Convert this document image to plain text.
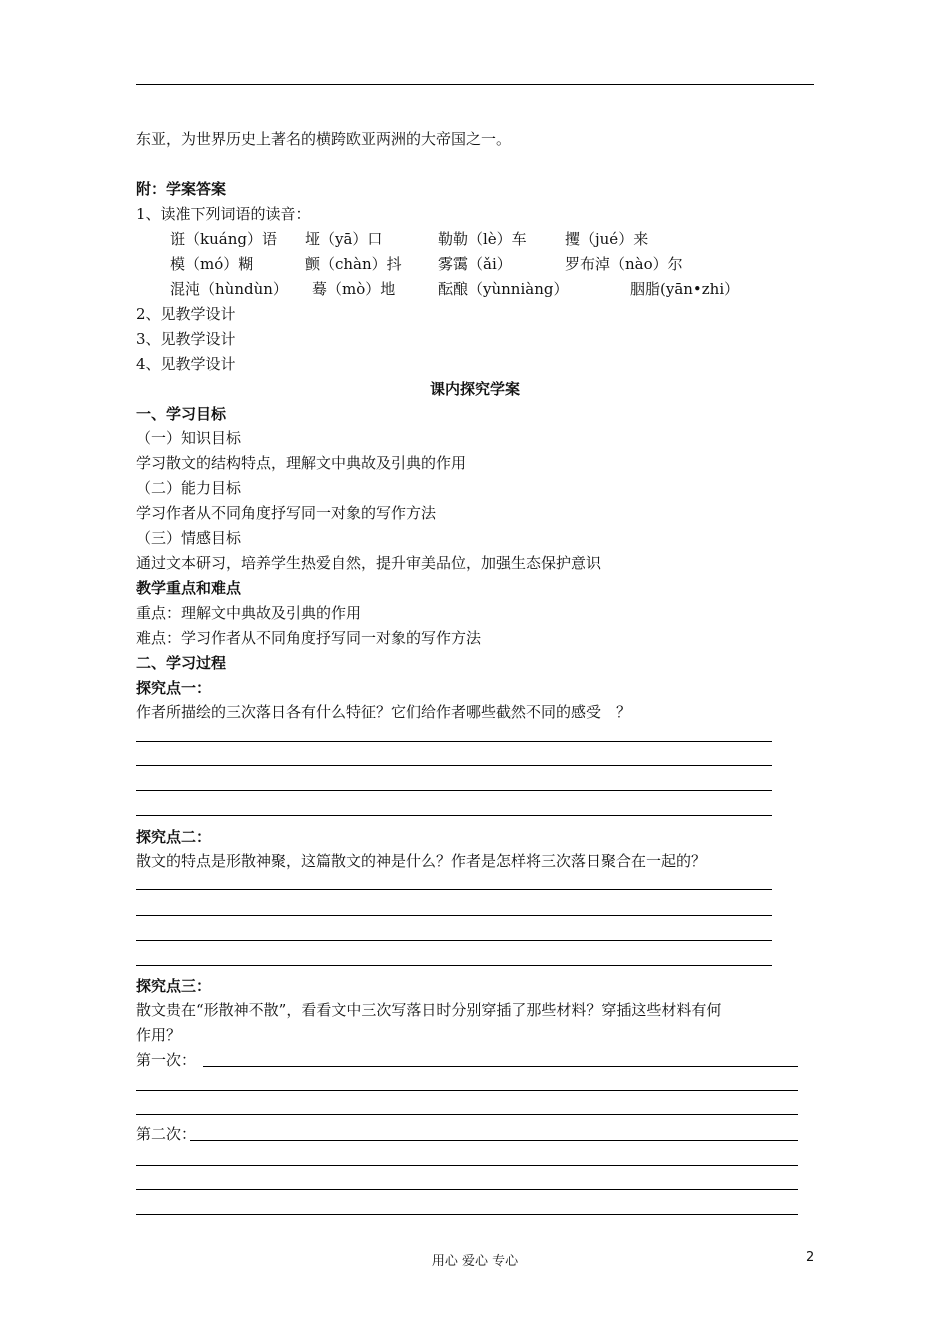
东亚，为世界历史上著名的横跨欧亚两洲的大帝国之一。
附：学案答案
1、读准下列词语的读音：
诳（kuáng）语 垭（yā）口	勒勒（lè）车	攫（jué）来
模（mó）糊	颤（chàn）抖 雾霭（ǎi）	罗布淖（nào）尔
混沌（hùndùn） 蓦（mò）地	酝酿（yùnniàng）	胭脂(yān•zhi）
2、见教学设计
3、见教学设计
4、见教学设计
课内探究学案
一、学习目标
（一）知识目标
学习散文的结构特点，理解文中典故及引典的作用
（二）能力目标
学习作者从不同角度抒写同一对象的写作方法
（三）情感目标
通过文本研习，培养学生热爱自然，提升审美品位，加强生态保护意识
教学重点和难点
重点：理解文中典故及引典的作用
难点：学习作者从不同角度抒写同一对象的写作方法
二、学习过程
探究点一：
作者所描绘的三次落日各有什么特征？它们给作者哪些截然不同的感受　？
探究点二：
散文的特点是形散神聚，这篇散文的神是什么？作者是怎样将三次落日聚合在一起的？
探究点三：
散文贵在“形散神不散”，看看文中三次写落日时分别穿插了那些材料？穿插这些材料有何
作用？
第一次：
第二次：
用心 爱心 专心	2
